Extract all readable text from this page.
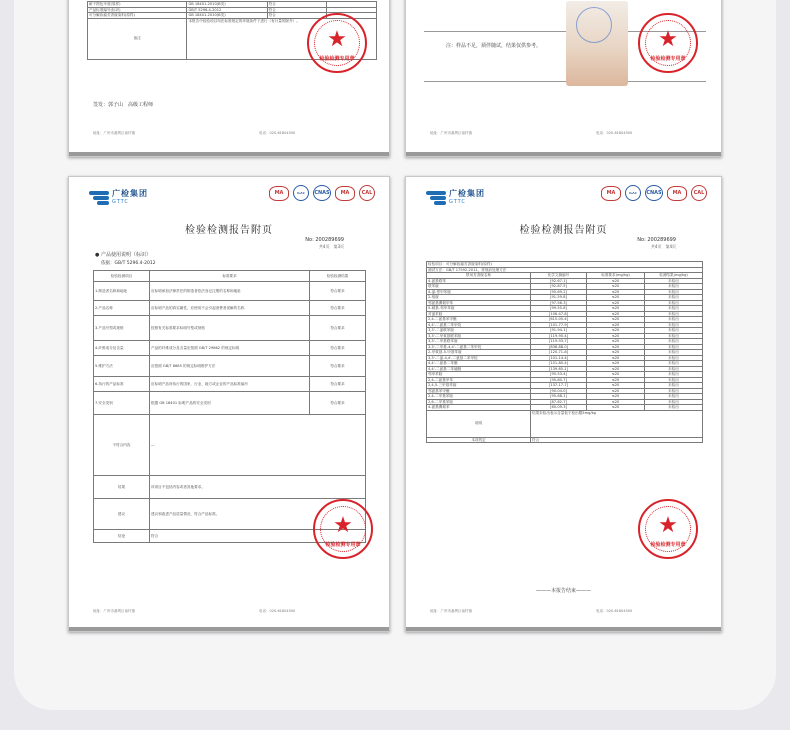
耐干擦色牢度(原样)	GB 18401-2010(B类)	符合	
产品标准编号(标识)	GB/T 5296.4-2012	符合	
可分解致癌芳香胺染料(原样)	GB 18401-2010(B类)	符合	
备注	本报告中检验项目均在标准规定的环境条件下进行（有计量的除外）。		
★
检验检测专用章
签发：郭子山　高级工程师
地址：广州市番禺区南村镇	电话：020-61804500
注：样品不足，须伴随试，结果仅供参考。	★
检验检测专用章
地址：广州市番禺区南村镇	电话：020-61804500
广检集团
GTTC
MA	ILAC	CNAS	MA	CAL
检验检测报告附页
No: 200289699
共4页　第3页
● 产品使用说明（标识）
依据：GB/T 5296.4-2012
检验检测项目	标准要求	检验检测结果
1.制造者名称和地址	应标明承担法律责任的制造者依法登记注册的名称和地址	符合要求
2.产品名称	应标明产品的真实属性，应使用不会引起消费者误解的名称	符合要求
3.产品号型或规格	按照有关标准要求标明号型或规格	符合要求
4.纤维成分及含量	产品的纤维成分及含量应按照 GB/T 29862 的规定标明	符合要求
5.维护方法	应按照 GB/T 8685 的规定标明维护方法	符合要求
6.执行的产品标准	应标明产品所执行的国家、行业、地方或企业的产品标准编号	符合要求
7.安全类别	根据 GB 18401 标明产品的安全类别	符合要求
不符合内容	—	
结果	该项目不包括内容或者其他要求。	
建议	建议和改进产品质量情况，符合产品标准。	
结论	符合		★
检验检测专用章
地址：广州市番禺区南村镇	电话：020-61804500
广检集团
GTTC
MA	ILAC	CNAS	MA	CAL
检验检测报告附页
No: 200289699
共4页　第4页
检验项目：可分解致癌芳香胺染料(原样)			
测试方法：GB/T 17592-2011，常规前处理方法			
禁用芳香胺名称	化学文摘编号	标准要求(mg/kg)	检测结果(mg/kg)
4-氨基联苯	[92-67-1]	≤20	未检出
联苯胺	[92-87-5]	≤20	未检出
4-氯-邻甲苯胺	[95-69-2]	≤20	未检出
2-萘胺	[91-59-8]	≤20	未检出
邻氨基偶氮甲苯	[97-56-3]	≤20	未检出
5-硝基-邻甲苯胺	[99-55-8]	≤20	未检出
对氯苯胺	[106-47-8]	≤20	未检出
2,4-二氨基苯甲醚	[615-05-4]	≤20	未检出
4,4'-二氨基二苯甲烷	[101-77-9]	≤20	未检出
3,3'-二氯联苯胺	[91-94-1]	≤20	未检出
3,3'-二甲氧基联苯胺	[119-90-4]	≤20	未检出
3,3'-二甲基联苯胺	[119-93-7]	≤20	未检出
3,3'-二甲基-4,4'-二氨基二苯甲烷	[838-88-0]	≤20	未检出
2-甲氧基-5-甲基苯胺	[120-71-8]	≤20	未检出
3,3'-二氯-4,4'-二氨基二苯甲烷	[101-14-4]	≤20	未检出
4,4'-二氨基二苯醚	[101-80-4]	≤20	未检出
4,4'-二氨基二苯硫醚	[139-65-1]	≤20	未检出
邻甲苯胺	[95-53-4]	≤20	未检出
2,4-二氨基甲苯	[95-80-7]	≤20	未检出
2,4,5-三甲基苯胺	[137-17-7]	≤20	未检出
邻氨基苯甲醚	[90-04-0]	≤20	未检出
2,4-二甲基苯胺	[95-68-1]	≤20	未检出
2,6-二甲基苯胺	[87-62-7]	≤20	未检出
4-氨基偶氮苯	[60-09-3]	≤20	未检出
说明	结果未检出表示含量低于检出限5mg/kg		
本项判定	符合		
★
检验检测专用章
———本报告结束———
地址：广州市番禺区南村镇	电话：020-61804500
